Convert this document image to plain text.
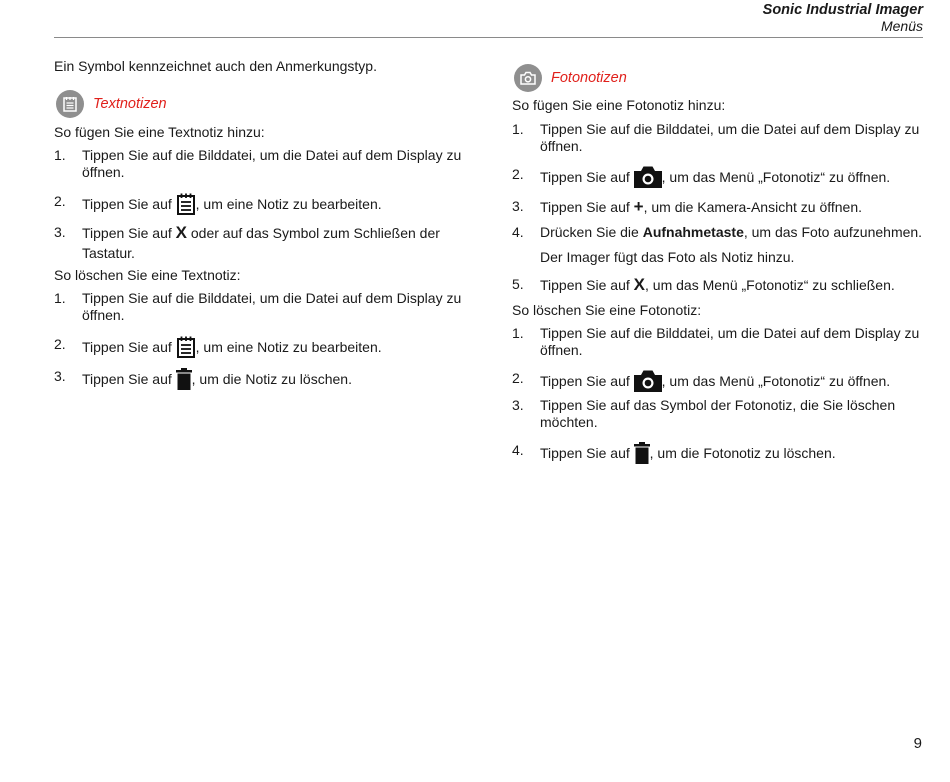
Sonic Industrial Imager
Menüs
Ein Symbol kennzeichnet auch den Anmerkungstyp.
Textnotizen
So fügen Sie eine Textnotiz hinzu:
1. Tippen Sie auf die Bilddatei, um die Datei auf dem Display zu
öffnen.
2. Tippen Sie auf , um eine Notiz zu bearbeiten.
3. Tippen Sie auf X oder auf das Symbol zum Schließen der
Tastatur.
So löschen Sie eine Textnotiz:
1. Tippen Sie auf die Bilddatei, um die Datei auf dem Display zu
öffnen.
2. Tippen Sie auf , um eine Notiz zu bearbeiten.
3. Tippen Sie auf , um die Notiz zu löschen.
Fotonotizen
So fügen Sie eine Fotonotiz hinzu:
1. Tippen Sie auf die Bilddatei, um die Datei auf dem Display zu
öffnen.
2. Tippen Sie auf , um das Menü „Fotonotiz“ zu öffnen.
3. Tippen Sie auf +, um die Kamera-Ansicht zu öffnen.
4. Drücken Sie die Aufnahmetaste, um das Foto aufzunehmen.
Der Imager fügt das Foto als Notiz hinzu.
5. Tippen Sie auf X, um das Menü „Fotonotiz“ zu schließen.
So löschen Sie eine Fotonotiz:
1. Tippen Sie auf die Bilddatei, um die Datei auf dem Display zu
öffnen.
2. Tippen Sie auf , um das Menü „Fotonotiz“ zu öffnen.
3. Tippen Sie auf das Symbol der Fotonotiz, die Sie löschen
möchten.
4. Tippen Sie auf , um die Fotonotiz zu löschen.
9
